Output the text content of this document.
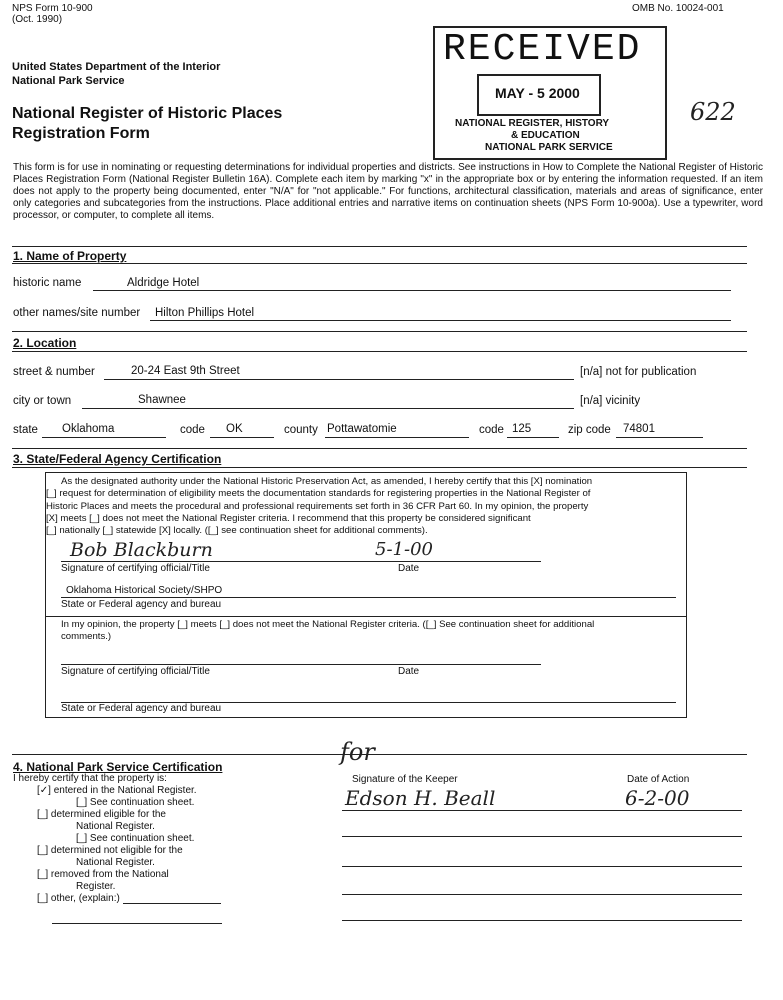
NPS Form 10-900
(Oct. 1990)
OMB No. 10024-001
United States Department of the Interior
National Park Service
National Register of Historic Places
Registration Form
622
This form is for use in nominating or requesting determinations for individual properties and districts. See instructions in How to Complete the National Register of Historic Places Registration Form (National Register Bulletin 16A). Complete each item by marking "x" in the appropriate box or by entering the information requested. If an item does not apply to the property being documented, enter "N/A" for "not applicable." For functions, architectural classification, materials and areas of significance, enter only categories and subcategories from the instructions. Place additional entries and narrative items on continuation sheets (NPS Form 10-900a). Use a typewriter, word processor, or computer, to complete all items.
RECEIVED
MAY - 5 2000
NATIONAL REGISTER, HISTORY
& EDUCATION
NATIONAL PARK SERVICE
1. Name of Property
historic name	Aldridge Hotel
other names/site number Hilton Phillips Hotel
2. Location
street & number	20-24 East 9th Street	[n/a] not for publication
city or town	Shawnee	[n/a] vicinity
state Oklahoma	code OK	county Pottawatomie	code 125	zip code 74801
3. State/Federal Agency Certification
As the designated authority under the National Historic Preservation Act, as amended, I hereby certify that this [X] nomination
[_] request for determination of eligibility meets the documentation standards for registering properties in the National Register of
Historic Places and meets the procedural and professional requirements set forth in 36 CFR Part 60. In my opinion, the property
[X] meets [_] does not meet the National Register criteria. I recommend that this property be considered significant
[_] nationally [_] statewide [X] locally. ([_] see continuation sheet for additional comments).
Bob Blackburn	5-1-00
Signature of certifying official/Title	Date
Oklahoma Historical Society/SHPO
State or Federal agency and bureau
In my opinion, the property [_] meets [_] does not meet the National Register criteria. ([_] See continuation sheet for additional
comments.)
Signature of certifying official/Title	Date
State or Federal agency and bureau
4. National Park Service Certification
I hereby certify that the property is:
[✓] entered in the National Register.
[_] See continuation sheet.
[_] determined eligible for the
National Register.
[_] See continuation sheet.
[_] determined not eligible for the
National Register.
[_] removed from the National
Register.
[_] other, (explain:)
for
Signature of the Keeper
Edson H. Beall
Date of Action
6-2-00
